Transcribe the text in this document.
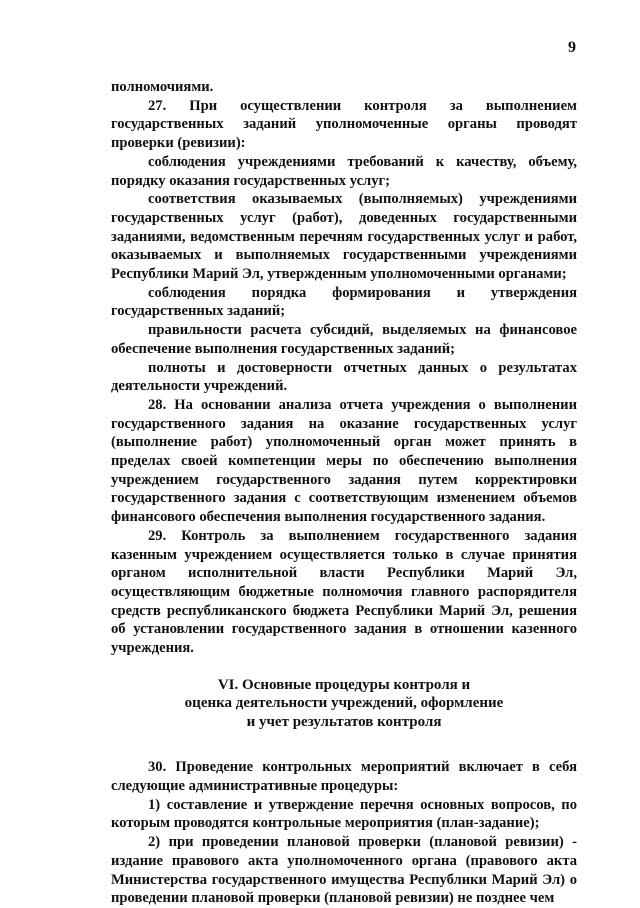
9

полномочиями.

27. При осуществлении контроля за выполнением государственных заданий уполномоченные органы проводят проверки (ревизии):

соблюдения учреждениями требований к качеству, объему, порядку оказания государственных услуг;

соответствия оказываемых (выполняемых) учреждениями государственных услуг (работ), доведенных государственными заданиями, ведомственным перечням государственных услуг и работ, оказываемых и выполняемых государственными учреждениями Республики Марий Эл, утвержденным уполномоченными органами;

соблюдения порядка формирования и утверждения государственных заданий;

правильности расчета субсидий, выделяемых на финансовое обеспечение выполнения государственных заданий;

полноты и достоверности отчетных данных о результатах деятельности учреждений.

28. На основании анализа отчета учреждения о выполнении государственного задания на оказание государственных услуг (выполнение работ) уполномоченный орган может принять в пределах своей компетенции меры по обеспечению выполнения учреждением государственного задания путем корректировки государственного задания с соответствующим изменением объемов финансового обеспечения выполнения государственного задания.

29. Контроль за выполнением государственного задания казенным учреждением осуществляется только в случае принятия органом исполнительной власти Республики Марий Эл, осуществляющим бюджетные полномочия главного распорядителя средств республиканского бюджета Республики Марий Эл, решения об установлении государственного задания в отношении казенного учреждения.

VI. Основные процедуры контроля и
оценка деятельности учреждений, оформление
и учет результатов контроля

30. Проведение контрольных мероприятий включает в себя следующие административные процедуры:

1) составление и утверждение перечня основных вопросов, по которым проводятся контрольные мероприятия (план-задание);

2) при проведении плановой проверки (плановой ревизии) - издание правового акта уполномоченного органа (правового акта Министерства государственного имущества Республики Марий Эл) о проведении плановой проверки (плановой ревизии) не позднее чем
